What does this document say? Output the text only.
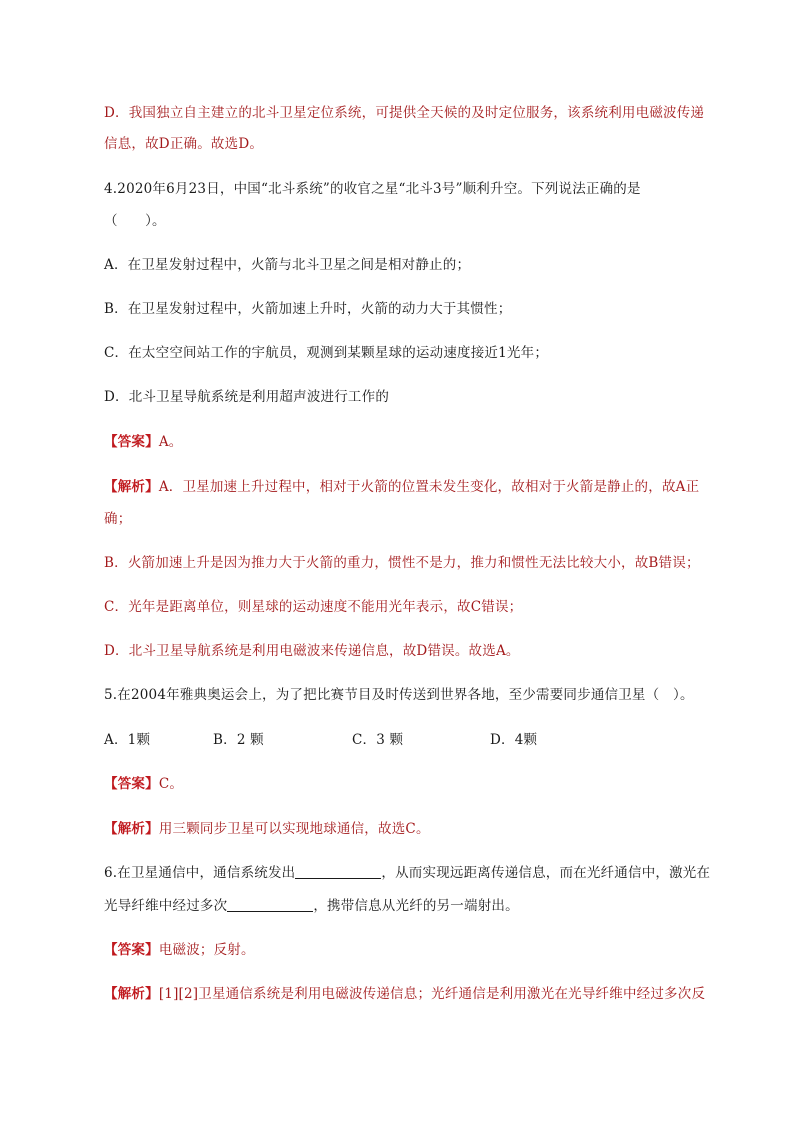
D．我国独立自主建立的北斗卫星定位系统，可提供全天候的及时定位服务，该系统利用电磁波传递
信息，故D正确。故选D。
4.2020年6月23日，中国“北斗系统”的收官之星“北斗3号”顺利升空。下列说法正确的是
（　　）。
A．在卫星发射过程中，火箭与北斗卫星之间是相对静止的；
B．在卫星发射过程中，火箭加速上升时，火箭的动力大于其惯性；
C．在太空空间站工作的宇航员，观测到某颗星球的运动速度接近1光年；
D．北斗卫星导航系统是利用超声波进行工作的
【答案】A。
【解析】A．卫星加速上升过程中，相对于火箭的位置未发生变化，故相对于火箭是静止的，故A正
确；
B．火箭加速上升是因为推力大于火箭的重力，惯性不是力，推力和惯性无法比较大小，故B错误；
C．光年是距离单位，则星球的运动速度不能用光年表示，故C错误；
D．北斗卫星导航系统是利用电磁波来传递信息，故D错误。故选A。
5.在2004年雅典奥运会上，为了把比赛节目及时传送到世界各地，至少需要同步通信卫星（　）。
A．1颗	B．2 颗	C．3 颗	D．4颗
【答案】C。
【解析】用三颗同步卫星可以实现地球通信，故选C。
6.在卫星通信中，通信系统发出	，从而实现远距离传递信息，而在光纤通信中，激光在
光导纤维中经过多次	，携带信息从光纤的另一端射出。
【答案】电磁波；反射。
【解析】[1][2]卫星通信系统是利用电磁波传递信息；光纤通信是利用激光在光导纤维中经过多次反
